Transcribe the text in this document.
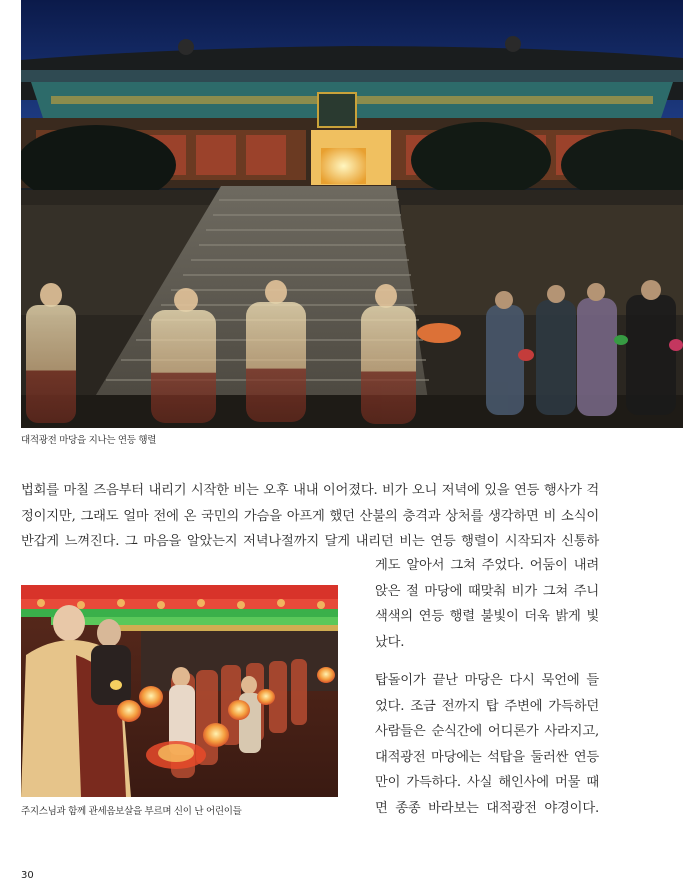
대적광전 마당을 지나는 연등 행렬
법회를 마칠 즈음부터 내리기 시작한 비는 오후 내내 이어졌다. 비가 오니 저녁에 있을 연등 행사가 걱
정이지만, 그래도 얼마 전에 온 국민의 가슴을 아프게 했던 산불의 충격과 상처를 생각하면 비 소식이
반갑게 느껴진다. 그 마음을 알았는지 저녁나절까지 달게 내리던 비는 연등 행렬이 시작되자 신통하
게도 알아서 그쳐 주었다. 어둠이 내려
앉은 절 마당에 때맞춰 비가 그쳐 주니
색색의 연등 행렬 불빛이 더욱 밝게 빛
났다.
탑돌이가 끝난 마당은 다시 묵언에 들
었다. 조금 전까지 탑 주변에 가득하던
사람들은 순식간에 어디론가 사라지고,
대적광전 마당에는 석탑을 둘러싼 연등
만이 가득하다. 사실 해인사에 머물 때
면 종종 바라보는 대적광전 야경이다.
주지스님과 함께 관세음보살을 부르며 신이 난 어린이들
30
